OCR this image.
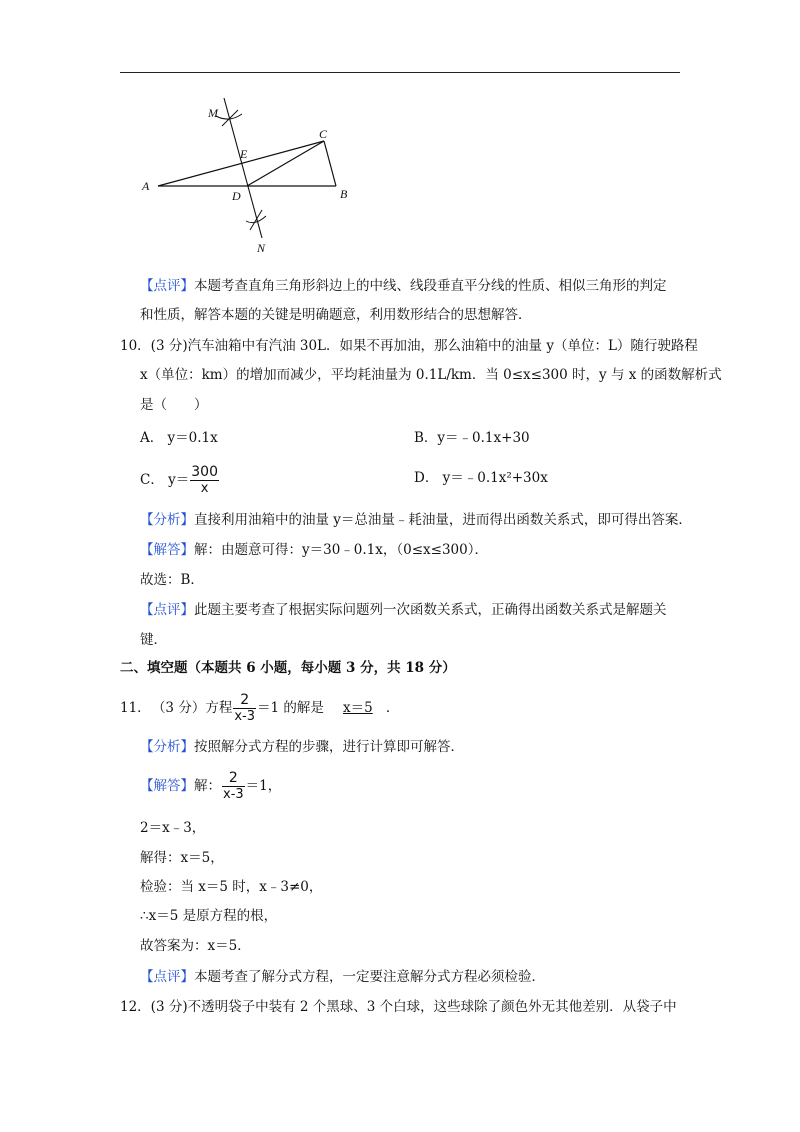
M
E
C
A
D	B
N
【点评】本题考查直角三角形斜边上的中线、线段垂直平分线的性质、相似三角形的判定
和性质，解答本题的关键是明确题意，利用数形结合的思想解答．
10．(3 分)汽车油箱中有汽油 30L．如果不再加油，那么油箱中的油量 y（单位：L）随行驶路程
x（单位：km）的增加而减少，平均耗油量为 0.1L/km．当 0≤x≤300 时，y 与 x 的函数解析式
是（　　）
A． y＝0.1x	B．y＝﹣0.1x+30
C． $y= \frac{300}{x}$	D． y＝﹣0.1x²+30x
【分析】直接利用油箱中的油量 y＝总油量﹣耗油量，进而得出函数关系式，即可得出答案．
【解答】解：由题意可得：y＝30﹣0.1x，（0≤x≤300）．
故选：B．
【点评】此题主要考查了根据实际问题列一次函数关系式，正确得出函数关系式是解题关
键．
二、填空题（本题共 6 小题，每小题 3 分，共 18 分）
11． （3 分）方程 $\frac{2}{x-3} =1$ 的解是 x＝5 ．
【分析】按照解分式方程的步骤，进行计算即可解答．
【解答】解： $\frac{2}{x-3} =1$，
2＝x﹣3，
解得：x＝5，
检验：当 x＝5 时，x﹣3≠0，
∴x＝5 是原方程的根，
故答案为：x＝5．
【点评】本题考查了解分式方程，一定要注意解分式方程必须检验．
12．(3 分)不透明袋子中装有 2 个黑球、3 个白球，这些球除了颜色外无其他差别．从袋子中
